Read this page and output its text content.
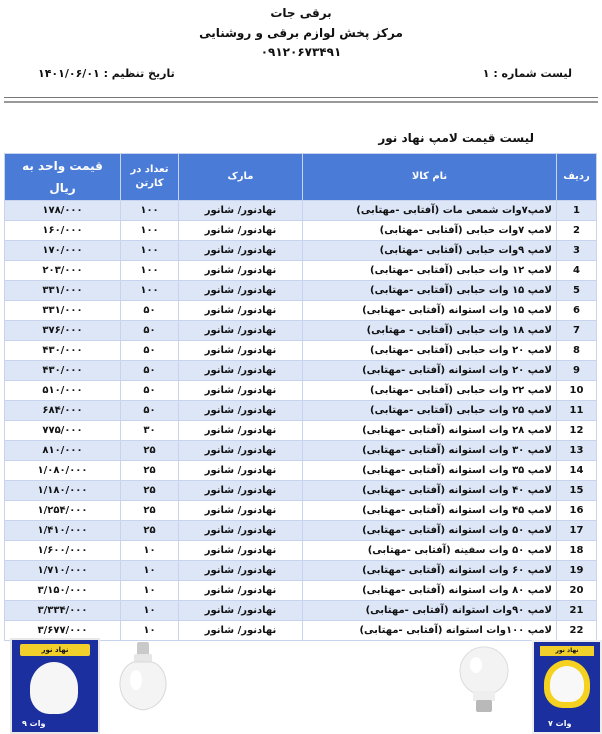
برقی جات
مرکز پخش لوازم برقی و روشنایی
۰۹۱۲۰۶۷۳۴۹۱
لیست شماره : ۱
تاریخ تنظیم : ۱۴۰۱/۰۶/۰۱
لیست قیمت لامپ نهاد نور
ردیف	نام کالا	مارک	تعداد در کارتن	قیمت واحد به ریال
1	لامپ۷وات شمعی مات (آفتابی -مهتابی)	نهادنور/ شانور	۱۰۰	۱۷۸/۰۰۰
2	لامپ ۷وات حبابی (آفتابی -مهتابی)	نهادنور/ شانور	۱۰۰	۱۶۰/۰۰۰
3	لامپ ۹وات حبابی (آفتابی -مهتابی)	نهادنور/ شانور	۱۰۰	۱۷۰/۰۰۰
4	لامپ ۱۲ وات حبابی (آفتابی -مهتابی)	نهادنور/ شانور	۱۰۰	۲۰۳/۰۰۰
5	لامپ ۱۵ وات حبابی (آفتابی -مهتابی)	نهادنور/ شانور	۱۰۰	۳۳۱/۰۰۰
6	لامپ ۱۵ وات استوانه (آفتابی -مهتابی)	نهادنور/ شانور	۵۰	۳۳۱/۰۰۰
7	لامپ ۱۸ وات حبابی (آفتابی - مهتابی)	نهادنور/ شانور	۵۰	۳۷۶/۰۰۰
8	لامپ ۲۰ وات حبابی (آفتابی -مهتابی)	نهادنور/ شانور	۵۰	۴۳۰/۰۰۰
9	لامپ ۲۰ وات استوانه (آفتابی -مهتابی)	نهادنور/ شانور	۵۰	۴۳۰/۰۰۰
10	لامپ ۲۲ وات حبابی (آفتابی -مهتابی)	نهادنور/ شانور	۵۰	۵۱۰/۰۰۰
11	لامپ ۲۵ وات حبابی (آفتابی -مهتابی)	نهادنور/ شانور	۵۰	۶۸۴/۰۰۰
12	لامپ ۲۸ وات استوانه (آفتابی -مهتابی)	نهادنور/ شانور	۳۰	۷۷۵/۰۰۰
13	لامپ ۳۰ وات استوانه (آفتابی -مهتابی)	نهادنور/ شانور	۲۵	۸۱۰/۰۰۰
14	لامپ ۳۵ وات استوانه (آفتابی -مهتابی)	نهادنور/ شانور	۲۵	۱/۰۸۰/۰۰۰
15	لامپ ۴۰ وات استوانه (آفتابی -مهتابی)	نهادنور/ شانور	۲۵	۱/۱۸۰/۰۰۰
16	لامپ ۴۵ وات استوانه (آفتابی -مهتابی)	نهادنور/ شانور	۲۵	۱/۲۵۴/۰۰۰
17	لامپ ۵۰ وات استوانه (آفتابی -مهتابی)	نهادنور/ شانور	۲۵	۱/۴۱۰/۰۰۰
18	لامپ ۵۰ وات سفینه (آفتابی -مهتابی)	نهادنور/ شانور	۱۰	۱/۶۰۰/۰۰۰
19	لامپ ۶۰ وات استوانه (آفتابی -مهتابی)	نهادنور/ شانور	۱۰	۱/۷۱۰/۰۰۰
20	لامپ ۸۰ وات استوانه (آفتابی -مهتابی)	نهادنور/ شانور	۱۰	۳/۱۵۰/۰۰۰
21	لامپ ۹۰وات استوانه (آفتابی -مهتابی)	نهادنور/ شانور	۱۰	۳/۳۳۴/۰۰۰
22	لامپ ۱۰۰وات استوانه (آفتابی -مهتابی)	نهادنور/ شانور	۱۰	۳/۶۷۷/۰۰۰
نهاد نور
۹ وات
نهاد نور
۷ وات
